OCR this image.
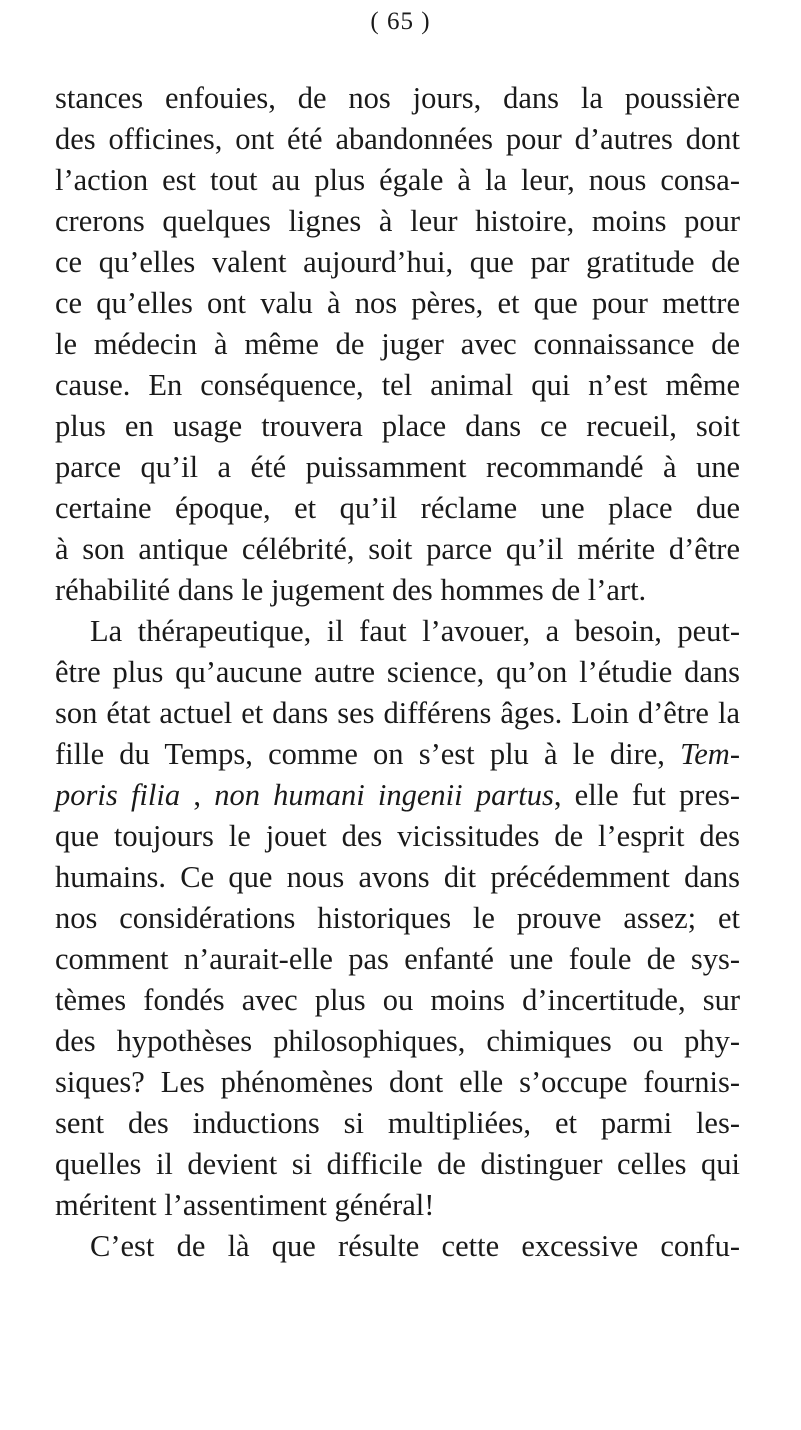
( 65 )
stances enfouies, de nos jours, dans la poussière
des officines, ont été abandonnées pour d’autres dont
l’action est tout au plus égale à la leur, nous consa-
crerons quelques lignes à leur histoire, moins pour
ce qu’elles valent aujourd’hui, que par gratitude de
ce qu’elles ont valu à nos pères, et que pour mettre
le médecin à même de juger avec connaissance de
cause. En conséquence, tel animal qui n’est même
plus en usage trouvera place dans ce recueil, soit
parce qu’il a été puissamment recommandé à une
certaine époque, et qu’il réclame une place due
à son antique célébrité, soit parce qu’il mérite d’être
réhabilité dans le jugement des hommes de l’art.
La thérapeutique, il faut l’avouer, a besoin, peut-
être plus qu’aucune autre science, qu’on l’étudie dans
son état actuel et dans ses différens âges. Loin d’être la
fille du Temps, comme on s’est plu à le dire, Tem-
poris filia , non humani ingenii partus, elle fut pres-
que toujours le jouet des vicissitudes de l’esprit des
humains. Ce que nous avons dit précédemment dans
nos considérations historiques le prouve assez; et
comment n’aurait-elle pas enfanté une foule de sys-
tèmes fondés avec plus ou moins d’incertitude, sur
des hypothèses philosophiques, chimiques ou phy-
siques? Les phénomènes dont elle s’occupe fournis-
sent des inductions si multipliées, et parmi les-
quelles il devient si difficile de distinguer celles qui
méritent l’assentiment général!
C’est de là que résulte cette excessive confu-
